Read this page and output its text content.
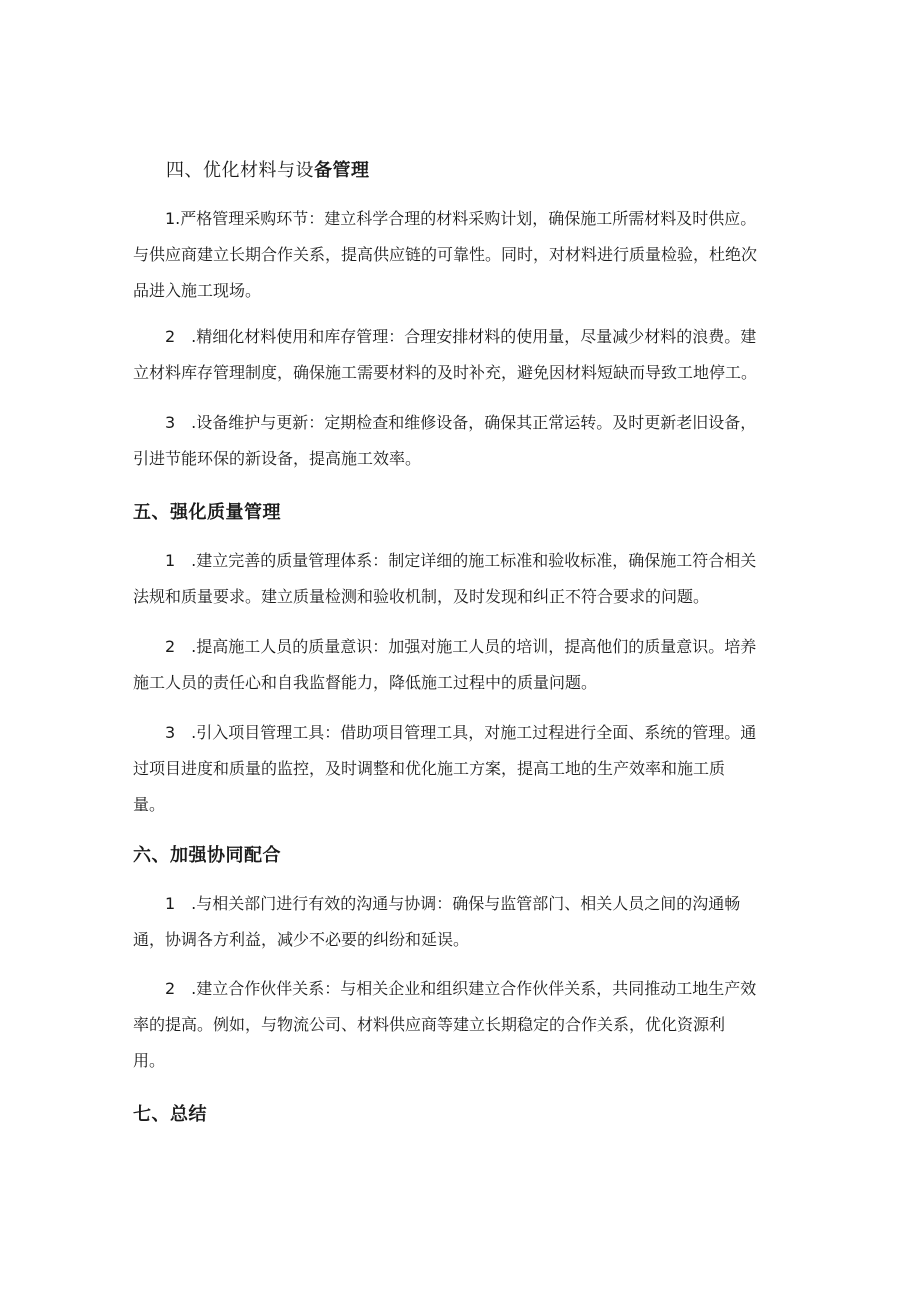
四、优化材料与设备管理

1.严格管理采购环节：建立科学合理的材料采购计划，确保施工所需材料及时供应。
与供应商建立长期合作关系，提高供应链的可靠性。同时，对材料进行质量检验，杜绝次
品进入施工现场。

2　.精细化材料使用和库存管理：合理安排材料的使用量，尽量减少材料的浪费。建
立材料库存管理制度，确保施工需要材料的及时补充，避免因材料短缺而导致工地停工。

3　.设备维护与更新：定期检查和维修设备，确保其正常运转。及时更新老旧设备，
引进节能环保的新设备，提高施工效率。

五、强化质量管理

1　.建立完善的质量管理体系：制定详细的施工标准和验收标准，确保施工符合相关
法规和质量要求。建立质量检测和验收机制，及时发现和纠正不符合要求的问题。

2　.提高施工人员的质量意识：加强对施工人员的培训，提高他们的质量意识。培养
施工人员的责任心和自我监督能力，降低施工过程中的质量问题。

3　.引入项目管理工具：借助项目管理工具，对施工过程进行全面、系统的管理。通
过项目进度和质量的监控，及时调整和优化施工方案，提高工地的生产效率和施工质
量。

六、加强协同配合

1　.与相关部门进行有效的沟通与协调：确保与监管部门、相关人员之间的沟通畅
通，协调各方利益，减少不必要的纠纷和延误。

2　.建立合作伙伴关系：与相关企业和组织建立合作伙伴关系，共同推动工地生产效
率的提高。例如，与物流公司、材料供应商等建立长期稳定的合作关系，优化资源利
用。

七、总结
